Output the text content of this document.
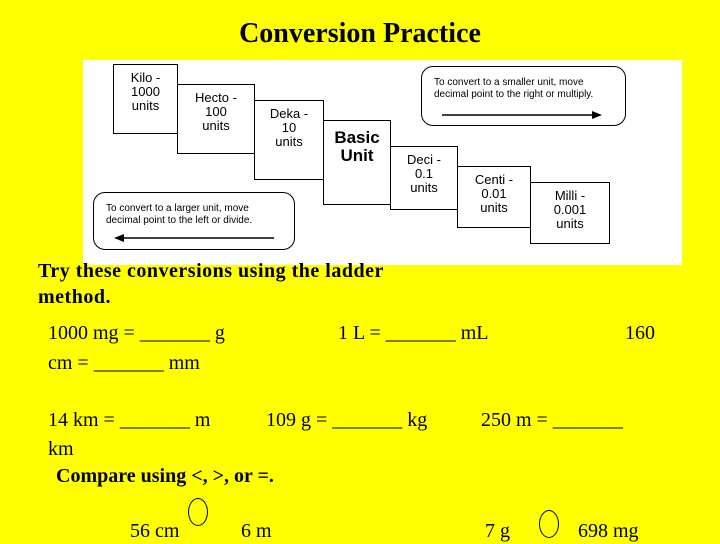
Conversion Practice
Kilo -
1000
units
Hecto -
100
units
Deka -
10
units	Basic
Unit	Deci -
0.1
units
Centi -
0.01
units
Milli -
0.001
units
To convert to a smaller unit, move
decimal point to the right or multiply.
To convert to a larger unit, move
decimal point to the left or divide.
Try these conversions using the ladder
method.
1000 mg = _______ g	1 L = _______ mL	160
cm = _______ mm
14 km = _______ m	109 g = _______ kg	250 m = _______
km
Compare using <, >, or =.
56 cm	6 m	7 g	698 mg
